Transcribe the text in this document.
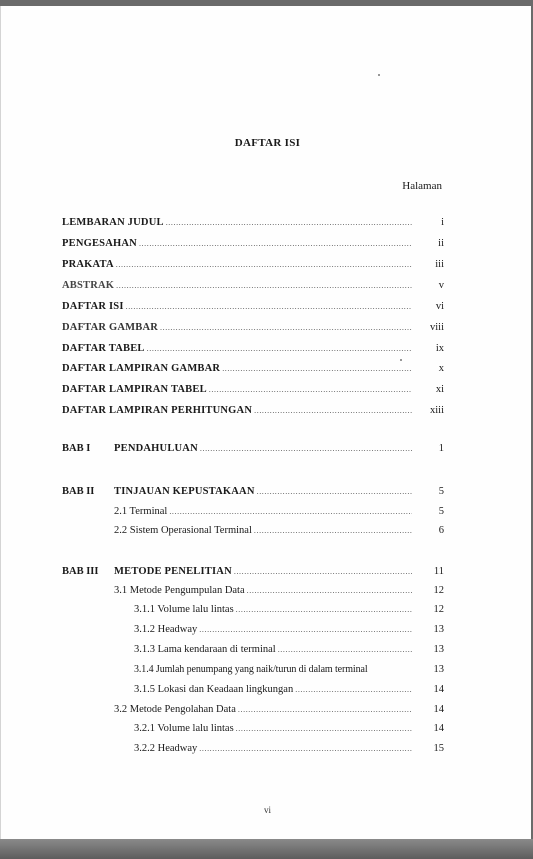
DAFTAR ISI
Halaman
LEMBARAN JUDUL .....	i
PENGESAHAN .....	ii
PRAKATA .....	iii
ABSTRAK .....	v
DAFTAR ISI .....	vi
DAFTAR GAMBAR .....	viii
DAFTAR TABEL .....	ix
DAFTAR LAMPIRAN GAMBAR .....	x
DAFTAR LAMPIRAN TABEL .....	xi
DAFTAR LAMPIRAN PERHITUNGAN .....	xiii
BAB I PENDAHULUAN .....	1
BAB II TINJAUAN KEPUSTAKAAN .....	5
2.1 Terminal .....	5
2.2 Sistem Operasional Terminal .....	6
BAB III METODE PENELITIAN .....	11
3.1 Metode Pengumpulan Data .....	12
3.1.1 Volume lalu lintas .....	12
3.1.2 Headway .....	13
3.1.3 Lama kendaraan di terminal .....	13
3.1.4 Jumlah penumpang yang naik/turun di dalam terminal	13
3.1.5 Lokasi dan Keadaan lingkungan .....	14
3.2 Metode Pengolahan Data .....	14
3.2.1 Volume lalu lintas .....	14
3.2.2 Headway .....	15
vi
